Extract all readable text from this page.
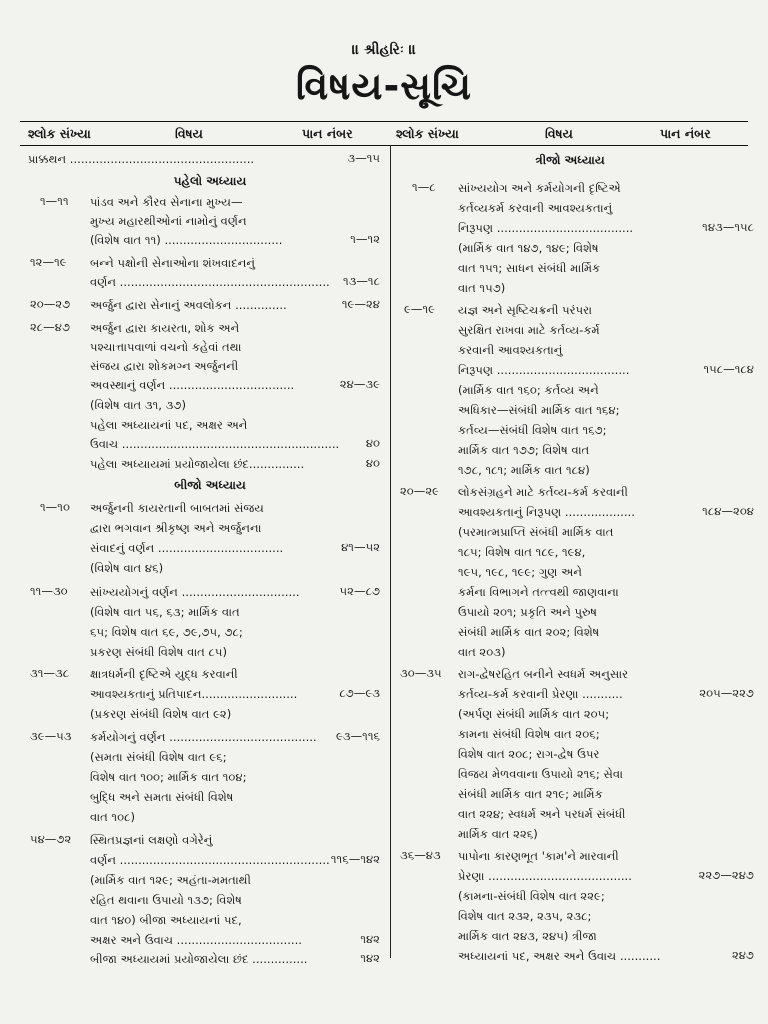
॥ શ્રીહરિઃ ॥
વિષય-સૂચિ
શ્લોક સંખ્યા	વિષય	પાન નંબર	શ્લોક સંખ્યા	વિષય	પાન નંબર
પ્રાક્કથન ..................................................	૩—૧૫
પહેલો અધ્યાય
૧—૧૧ પાંડવ અને કૌરવ સેનાના મુખ્ય—
મુખ્ય મહારથીઓનાં નામોનું વર્ણન
(વિશેષ વાત ૧૧) ................................	૧—૧૨
૧૨—૧૯ બન્ને પક્ષોની સેનાઓના શંખવાદનનું
વર્ણન .........................................................	૧૩—૧૮
૨૦—૨૭ અર્જુન દ્વારા સેનાનું અવલોકન ..............	૧૯—૨૪
૨૮—૪૭ અર્જુન દ્વારા કાયરતા, શોક અને
પશ્ચાત્તાપવાળાં વચનો કહેવાં તથા
સંજય દ્વારા શોકમગ્ન અર્જુનની
અવસ્થાનું વર્ણન ..................................	૨૪—૩૯
(વિશેષ વાત ૩૧, ૩૭)
પહેલા અધ્યાયનાં પદ, અક્ષર અને
ઉવાચ ...........................................................	૪૦
પહેલા અધ્યાયમાં પ્રયોજાયેલા છંદ...............	૪૦
બીજો અધ્યાય
૧—૧૦ અર્જુનની કાયરતાની બાબતમાં સંજય
દ્વારા ભગવાન શ્રીકૃષ્ણ અને અર્જુનના
સંવાદનું વર્ણન ..................................	૪૧—૫૨
(વિશેષ વાત ૪૬)
૧૧—૩૦ સાંખ્યયોગનું વર્ણન ................................	૫૨—૮૭
(વિશેષ વાત ૫૬, ૬૩; માર્મિક વાત
૬૫; વિશેષ વાત ૬૯, ૭૯,૭૫, ૭૮;
પ્રકરણ સંબંધી વિશેષ વાત ૮૫)
૩૧—૩૮ ક્ષાત્રધર્મની દૃષ્ટિએ યુદ્ધ કરવાની
આવશ્યકતાનું પ્રતિપાદન..........................	૮૭—૯૩
(પ્રકરણ સંબંધી વિશેષ વાત ૯૨)
૩૯—૫૩ કર્મયોગનું વર્ણન ........................................	૯૩—૧૧૬
(સમતા સંબંધી વિશેષ વાત ૯૬;
વિશેષ વાત ૧૦૦; માર્મિક વાત ૧૦૪;
બુદ્ધિ અને સમતા સંબંધી વિશેષ
વાત ૧૦૮)
૫૪—૭૨ સ્થિતપ્રજ્ઞનાં લક્ષણો વગેરેનું
વર્ણન ......................................................... ૧૧૬—૧૪૨
(માર્મિક વાત ૧૨૯; અહંતા-મમતાથી
રહિત થવાના ઉપાયો ૧૩૭; વિશેષ
વાત ૧૪૦) બીજા અધ્યાયનાં પદ,
અક્ષર અને ઉવાચ ..................................	૧૪૨
બીજા અધ્યાયમાં પ્રયોજાયેલા છંદ ...............	૧૪૨
ત્રીજો અધ્યાય
૧—૮ સાંખ્યયોગ અને કર્મયોગની દૃષ્ટિએ
કર્તવ્યકર્મ કરવાની આવશ્યકતાનું
નિરૂપણ .....................................	૧૪૩—૧૫૮
(માર્મિક વાત ૧૪૭, ૧૪૯; વિશેષ
વાત ૧૫૧; સાધન સંબંધી માર્મિક
વાત ૧૫૭)
૯—૧૯ યજ્ઞ અને સૃષ્ટિચક્રની પરંપરા
સુરક્ષિત રાખવા માટે કર્તવ્ય-કર્મ
કરવાની આવશ્યકતાનું
નિરૂપણ ....................................	૧૫૮—૧૮૪
(માર્મિક વાત ૧૬૦; કર્તવ્ય અને
અધિકાર—સંબંધી માર્મિક વાત ૧૬૪;
કર્તવ્ય—સંબંધી વિશેષ વાત ૧૬૭;
માર્મિક વાત ૧૭૭; વિશેષ વાત
૧૭૮, ૧૮૧; માર્મિક વાત ૧૮૪)
૨૦—૨૯ લોકસંગ્રહને માટે કર્તવ્ય-કર્મ કરવાની
આવશ્યકતાનું નિરૂપણ ...................	૧૮૪—૨૦૪
(પરમાત્મપ્રાપ્તિ સંબંધી માર્મિક વાત
૧૮૫; વિશેષ વાત ૧૮૯, ૧૯૪,
૧૯૫, ૧૯૮, ૧૯૯; ગુણ અને
કર્મના વિભાગને તત્ત્વથી જાણવાના
ઉપાયો ૨૦૧; પ્રકૃતિ અને પુરુષ
સંબંધી માર્મિક વાત ૨૦૨; વિશેષ
વાત ૨૦૩)
૩૦—૩૫ રાગ-દ્વેષરહિત બનીને સ્વધર્મ અનુસાર
કર્તવ્ય-કર્મ કરવાની પ્રેરણા ...........	૨૦૫—૨૨૭
(અર્પણ સંબંધી માર્મિક વાત ૨૦૫;
કામના સંબંધી વિશેષ વાત ૨૦૬;
વિશેષ વાત ૨૦૮; રાગ-દ્વેષ ઉપર
વિજય મેળવવાના ઉપાયો ૨૧૬; સેવા
સંબંધી માર્મિક વાત ૨૧૯; માર્મિક
વાત ૨૨૪; સ્વધર્મ અને પરધર્મ સંબંધી
માર્મિક વાત ૨૨૬)
૩૬—૪૩ પાપોના કારણભૂત 'કામ'ને મારવાની
પ્રેરણા .......................................	૨૨૭—૨૪૭
(કામના-સંબંધી વિશેષ વાત ૨૨૯;
વિશેષ વાત ૨૩૨, ૨૩૫, ૨૩૮;
માર્મિક વાત ૨૪૩, ૨૪૫) ત્રીજા
અધ્યાયનાં પદ, અક્ષર અને ઉવાચ ...........	૨૪૭
